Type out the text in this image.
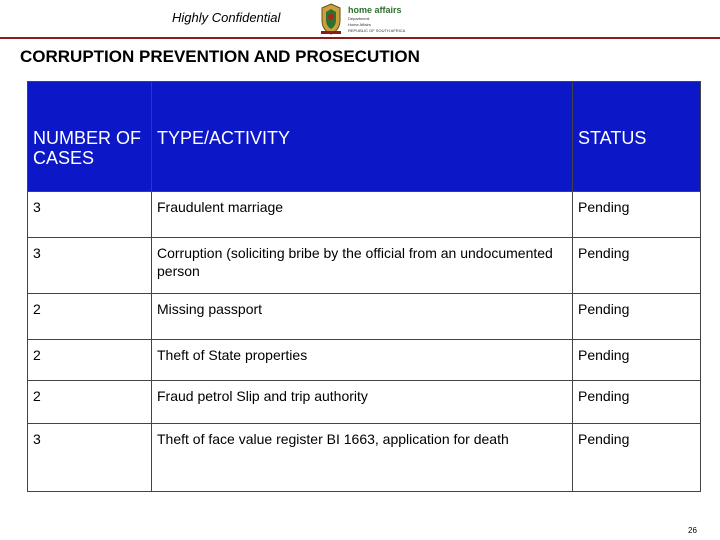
Highly Confidential	home affairs
Department:
Home Affairs
REPUBLIC OF SOUTH AFRICA
CORRUPTION PREVENTION AND PROSECUTION
NUMBER OF CASES	TYPE/ACTIVITY	STATUS
3	Fraudulent marriage	Pending
3	Corruption (soliciting bribe by the official from an undocumented person	Pending
2	Missing passport	Pending
2	Theft of State properties	Pending
2	Fraud petrol Slip and trip authority	Pending
3	Theft of face value register BI 1663, application for death	Pending
26
